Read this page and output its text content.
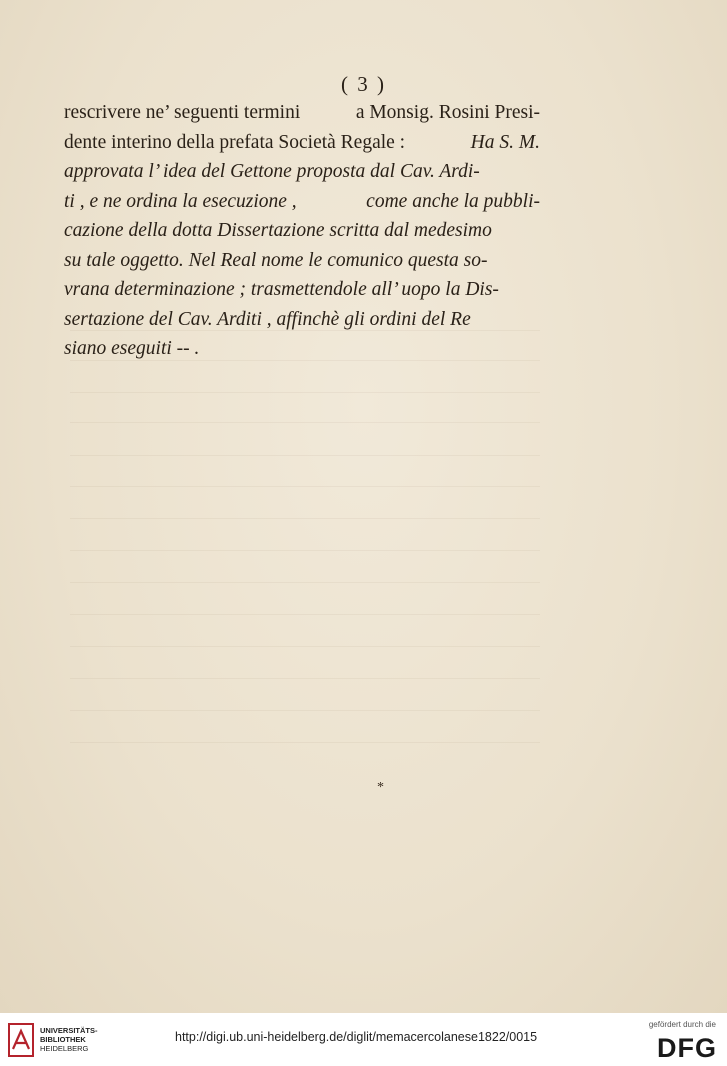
( 3 )
rescrivere ne’ seguenti termini	a Monsig. Rosini Presi-
dente interino della prefata Società Regale :	Ha S. M.
approvata l’ idea del Gettone proposta dal Cav. Ardi-
ti , e ne ordina la esecuzione ,	come anche la pubbli-
cazione della dotta Dissertazione scritta dal medesimo
su tale oggetto. Nel Real nome le comunico questa so-
vrana determinazione ; trasmettendole all’ uopo la Dis-
sertazione del Cav. Arditi , affinchè gli ordini del Re
siano eseguiti -- .
*
UNIVERSITÄTS-
BIBLIOTHEK
HEIDELBERG
http://digi.ub.uni-heidelberg.de/diglit/memacercolanese1822/0015
gefördert durch die
DFG
